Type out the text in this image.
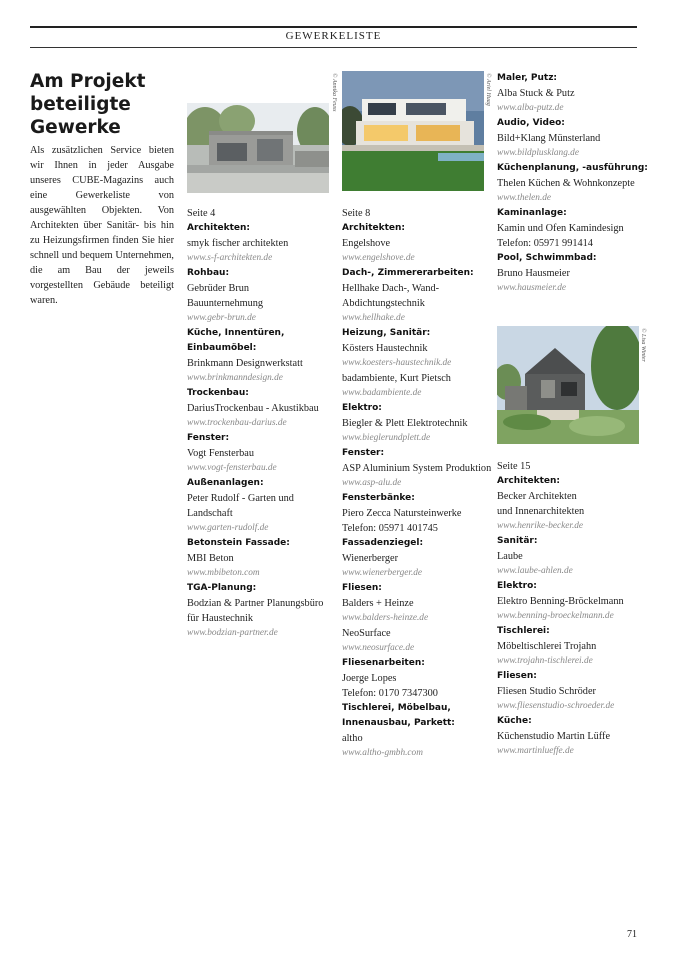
GEWERKELISTE
Am Projekt
beteiligte
Gewerke

Als zusätzlichen Service bieten wir Ihnen in jeder Ausgabe unseres CUBE-Magazins auch eine Gewerkeliste von ausgewählten Objekten. Von Architekten über Sanitär- bis hin zu Heizungsfirmen finden Sie hier schnell und bequem Unternehmen, die am Bau der jeweils vorgestellten Gebäude beteiligt waren.

© Annika Feuss	© Ariel Huag
© Lisa Winter
Seite 4
Architekten:
smyk fischer architekten
www.s-f-architekten.de
Rohbau:
Gebrüder Brun
Bauunternehmung
www.gebr-brun.de
Küche, Innentüren,
Einbaumöbel:
Brinkmann Designwerkstatt
www.brinkmanndesign.de
Trockenbau:
DariusTrockenbau - Akustikbau
www.trockenbau-darius.de
Fenster:
Vogt Fensterbau
www.vogt-fensterbau.de
Außenanlagen:
Peter Rudolf - Garten und
Landschaft
www.garten-rudolf.de
Betonstein Fassade:
MBI Beton
www.mbibeton.com
TGA-Planung:
Bodzian & Partner Planungsbüro
für Haustechnik
www.bodzian-partner.de
Seite 8
Architekten:
Engelshove
www.engelshove.de
Dach-, Zimmererarbeiten:
Hellhake Dach-, Wand-
Abdichtungstechnik
www.hellhake.de
Heizung, Sanitär:
Kösters Haustechnik
www.koesters-haustechnik.de
badambiente, Kurt Pietsch
www.badambiente.de
Elektro:
Biegler & Plett Elektrotechnik
www.bieglerundplett.de
Fenster:
ASP Aluminium System Produktion
www.asp-alu.de
Fensterbänke:
Piero Zecca Natursteinwerke
Telefon: 05971 401745
Fassadenziegel:
Wienerberger
www.wienerberger.de
Fliesen:
Balders + Heinze
www.balders-heinze.de
NeoSurface
www.neosurface.de
Fliesenarbeiten:
Joerge Lopes
Telefon: 0170 7347300
Tischlerei, Möbelbau,
Innenausbau, Parkett:
altho
www.altho-gmbh.com
Maler, Putz:
Alba Stuck & Putz
www.alba-putz.de
Audio, Video:
Bild+Klang Münsterland
www.bildplusklang.de
Küchenplanung, -ausführung:
Thelen Küchen & Wohnkonzepte
www.thelen.de
Kaminanlage:
Kamin und Ofen Kamindesign
Telefon: 05971 991414
Pool, Schwimmbad:
Bruno Hausmeier
www.hausmeier.de
Seite 15
Architekten:
Becker Architekten
und Innenarchitekten
www.henrike-becker.de
Sanitär:
Laube
www.laube-ahlen.de
Elektro:
Elektro Benning-Bröckelmann
www.benning-broeckelmann.de
Tischlerei:
Möbeltischlerei Trojahn
www.trojahn-tischlerei.de
Fliesen:
Fliesen Studio Schröder
www.fliesenstudio-schroeder.de
Küche:
Küchenstudio Martin Lüffe
www.martinlueffe.de
71
